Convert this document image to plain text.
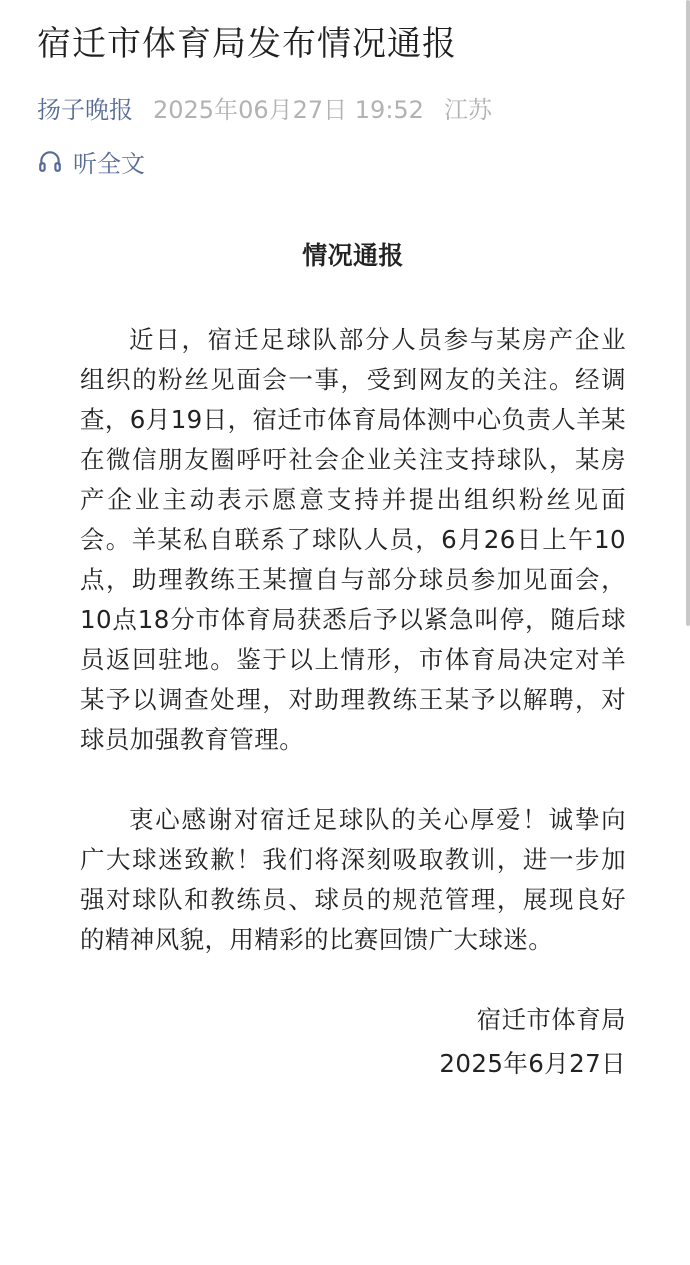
宿迁市体育局发布情况通报
扬子晚报 2025年06月27日 19:52 江苏
听全文
情况通报

近日，宿迁足球队部分人员参与某房产企业组织的粉丝见面会一事，受到网友的关注。经调查，6月19日，宿迁市体育局体测中心负责人羊某在微信朋友圈呼吁社会企业关注支持球队，某房产企业主动表示愿意支持并提出组织粉丝见面会。羊某私自联系了球队人员，6月26日上午10点，助理教练王某擅自与部分球员参加见面会，10点18分市体育局获悉后予以紧急叫停，随后球员返回驻地。鉴于以上情形，市体育局决定对羊某予以调查处理，对助理教练王某予以解聘，对球员加强教育管理。

衷心感谢对宿迁足球队的关心厚爱！诚挚向广大球迷致歉！我们将深刻吸取教训，进一步加强对球队和教练员、球员的规范管理，展现良好的精神风貌，用精彩的比赛回馈广大球迷。

宿迁市体育局
2025年6月27日
